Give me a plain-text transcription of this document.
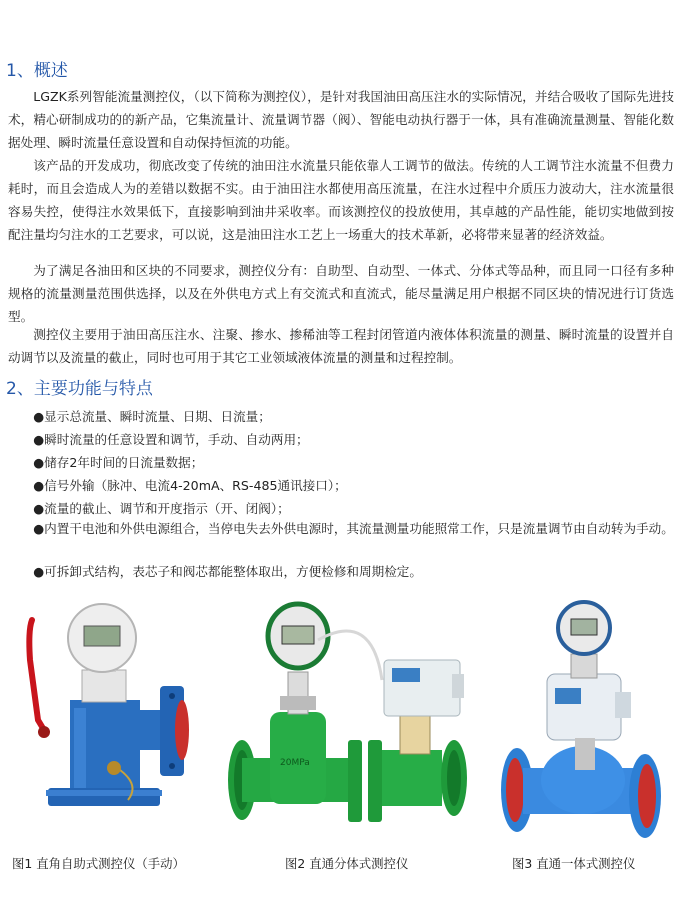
1、概述

LGZK系列智能流量测控仪，（以下简称为测控仪），是针对我国油田高压注水的实际情况，并结合吸收了国际先进技术，精心研制成功的的新产品，它集流量计、流量调节器（阀）、智能电动执行器于一体，具有准确流量测量、智能化数据处理、瞬时流量任意设置和自动保持恒流的功能。

该产品的开发成功，彻底改变了传统的油田注水流量只能依靠人工调节的做法。传统的人工调节注水流量不但费力耗时，而且会造成人为的差错以数据不实。由于油田注水都使用高压流量，在注水过程中介质压力波动大，注水流量很容易失控，使得注水效果低下，直接影响到油井采收率。而该测控仪的投放使用，其卓越的产品性能，能切实地做到按配注量均匀注水的工艺要求，可以说，这是油田注水工艺上一场重大的技术革新，必将带来显著的经济效益。

为了满足各油田和区块的不同要求，测控仪分有：自助型、自动型、一体式、分体式等品种，而且同一口径有多种规格的流量测量范围供选择，以及在外供电方式上有交流式和直流式，能尽量满足用户根据不同区块的情况进行订货选型。

测控仪主要用于油田高压注水、注聚、掺水、掺稀油等工程封闭管道内液体体积流量的测量、瞬时流量的设置并自动调节以及流量的截止，同时也可用于其它工业领域液体流量的测量和过程控制。

2、主要功能与特点

●显示总流量、瞬时流量、日期、日流量；

●瞬时流量的任意设置和调节，手动、自动两用；

●储存2年时间的日流量数据；

●信号外输（脉冲、电流4-20mA、RS-485通讯接口）；

●流量的截止、调节和开度指示（开、闭阀）；

●内置干电池和外供电源组合，当停电失去外供电源时，其流量测量功能照常工作，只是流量调节由自动转为手动。

●可拆卸式结构，表芯子和阀芯都能整体取出，方便检修和周期检定。

20MPa
图1 直角自助式测控仪（手动）	图2 直通分体式测控仪	图3 直通一体式测控仪
